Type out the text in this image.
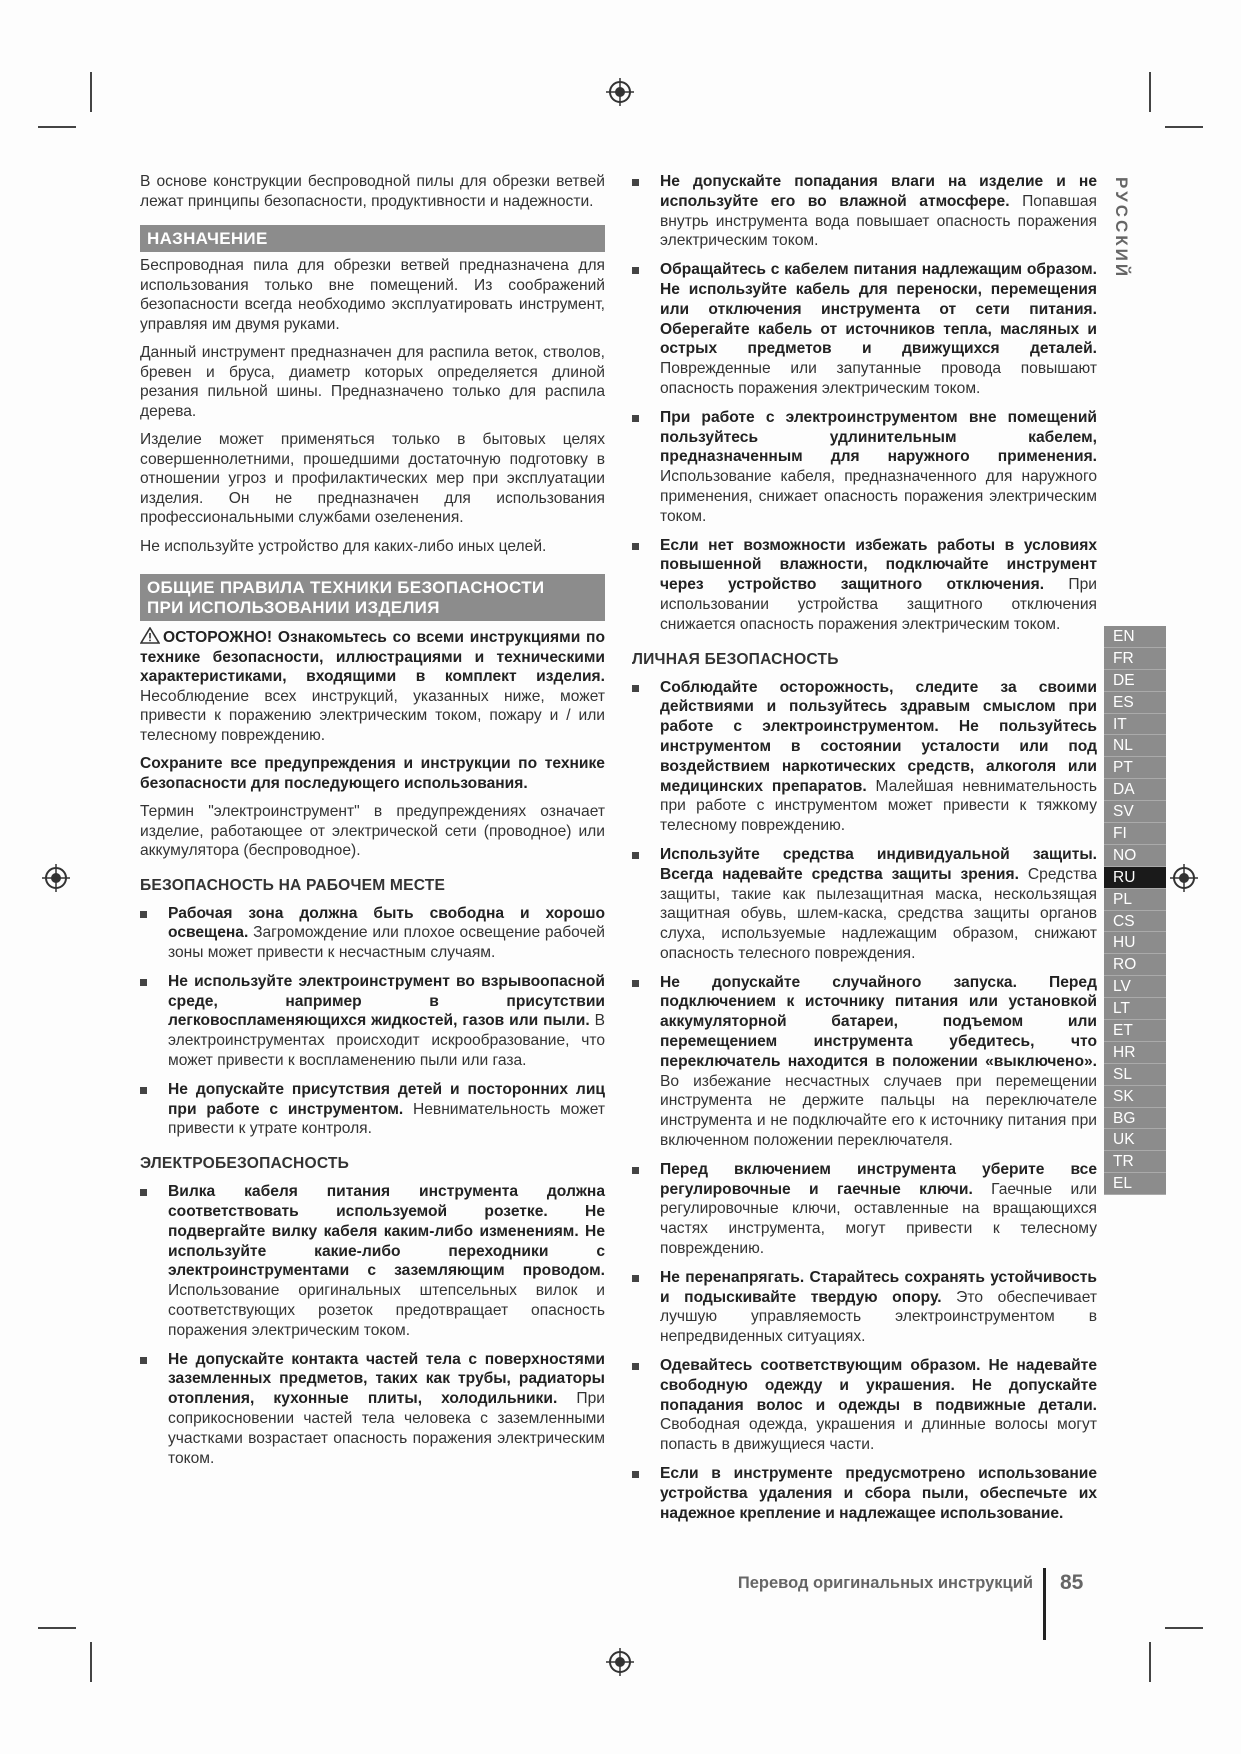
РУССКИЙ

В основе конструкции беспроводной пилы для обрезки ветвей лежат принципы безопасности, продуктивности и надежности.

НАЗНАЧЕНИЕ

Беспроводная пила для обрезки ветвей предназначена для использования только вне помещений. Из соображений безопасности всегда необходимо эксплуатировать инструмент, управляя им двумя руками.

Данный инструмент предназначен для распила веток, стволов, бревен и бруса, диаметр которых определяется длиной резания пильной шины. Предназначено только для распила дерева.

Изделие может применяться только в бытовых целях совершеннолетними, прошедшими достаточную подготовку в отношении угроз и профилактических мер при эксплуатации изделия. Он не предназначен для использования профессиональными службами озеленения.

Не используйте устройство для каких-либо иных целей.

ОБЩИЕ ПРАВИЛА ТЕХНИКИ БЕЗОПАСНОСТИ
ПРИ ИСПОЛЬЗОВАНИИ ИЗДЕЛИЯ

ОСТОРОЖНО! Ознакомьтесь со всеми инструкциями по технике безопасности, иллюстрациями и техническими характеристиками, входящими в комплект изделия. Несоблюдение всех инструкций, указанных ниже, может привести к поражению электрическим током, пожару и / или телесному повреждению.

Сохраните все предупреждения и инструкции по технике безопасности для последующего использования.

Термин "электроинструмент" в предупреждениях означает изделие, работающее от электрической сети (проводное) или аккумулятора (беспроводное).

БЕЗОПАСНОСТЬ НА РАБОЧЕМ МЕСТЕ
Рабочая зона должна быть свободна и хорошо освещена. Загромождение или плохое освещение рабочей зоны может привести к несчастным случаям.
Не используйте электроинструмент во взрывоопасной среде, например в присутствии легковоспламеняющихся жидкостей, газов или пыли. В электроинструментах происходит искрообразование, что может привести к воспламенению пыли или газа.
Не допускайте присутствия детей и посторонних лиц при работе с инструментом. Невнимательность может привести к утрате контроля.
ЭЛЕКТРОБЕЗОПАСНОСТЬ
Вилка кабеля питания инструмента должна соответствовать используемой розетке. Не подвергайте вилку кабеля каким-либо изменениям. Не используйте какие-либо переходники с электроинструментами с заземляющим проводом. Использование оригинальных штепсельных вилок и соответствующих розеток предотвращает опасность поражения электрическим током.
Не допускайте контакта частей тела с поверхностями заземленных предметов, таких как трубы, радиаторы отопления, кухонные плиты, холодильники. При соприкосновении частей тела человека с заземленными участками возрастает опасность поражения электрическим током.
Не допускайте попадания влаги на изделие и не используйте его во влажной атмосфере. Попавшая внутрь инструмента вода повышает опасность поражения электрическим током.
Обращайтесь с кабелем питания надлежащим образом. Не используйте кабель для переноски, перемещения или отключения инструмента от сети питания. Оберегайте кабель от источников тепла, масляных и острых предметов и движущихся деталей. Поврежденные или запутанные провода повышают опасность поражения электрическим током.
При работе с электроинструментом вне помещений пользуйтесь удлинительным кабелем, предназначенным для наружного применения. Использование кабеля, предназначенного для наружного применения, снижает опасность поражения электрическим током.
Если нет возможности избежать работы в условиях повышенной влажности, подключайте инструмент через устройство защитного отключения. При использовании устройства защитного отключения снижается опасность поражения электрическим током.
ЛИЧНАЯ БЕЗОПАСНОСТЬ
Соблюдайте осторожность, следите за своими действиями и пользуйтесь здравым смыслом при работе с электроинструментом. Не пользуйтесь инструментом в состоянии усталости или под воздействием наркотических средств, алкоголя или медицинских препаратов. Малейшая невнимательность при работе с инструментом может привести к тяжкому телесному повреждению.
Используйте средства индивидуальной защиты. Всегда надевайте средства защиты зрения. Средства защиты, такие как пылезащитная маска, нескользящая защитная обувь, шлем-каска, средства защиты органов слуха, используемые надлежащим образом, снижают опасность телесного повреждения.
Не допускайте случайного запуска. Перед подключением к источнику питания или установкой аккумуляторной батареи, подъемом или перемещением инструмента убедитесь, что переключатель находится в положении «выключено». Во избежание несчастных случаев при перемещении инструмента не держите пальцы на переключателе инструмента и не подключайте его к источнику питания при включенном положении переключателя.
Перед включением инструмента уберите все регулировочные и гаечные ключи. Гаечные или регулировочные ключи, оставленные на вращающихся частях инструмента, могут привести к телесному повреждению.
Не перенапрягать. Старайтесь сохранять устойчивость и подыскивайте твердую опору. Это обеспечивает лучшую управляемость электроинструментом в непредвиденных ситуациях.
Одевайтесь соответствующим образом. Не надевайте свободную одежду и украшения. Не допускайте попадания волос и одежды в подвижные детали. Свободная одежда, украшения и длинные волосы могут попасть в движущиеся части.
Если в инструменте предусмотрено использование устройства удаления и сбора пыли, обеспечьте их надежное крепление и надлежащее использование.
EN
FR
DE
ES
IT
NL
PT
DA
SV
FI
NO
RU
PL
CS
HU
RO
LV
LT
ET
HR
SL
SK
BG
UK
TR
EL
Перевод оригинальных инструкций 85
